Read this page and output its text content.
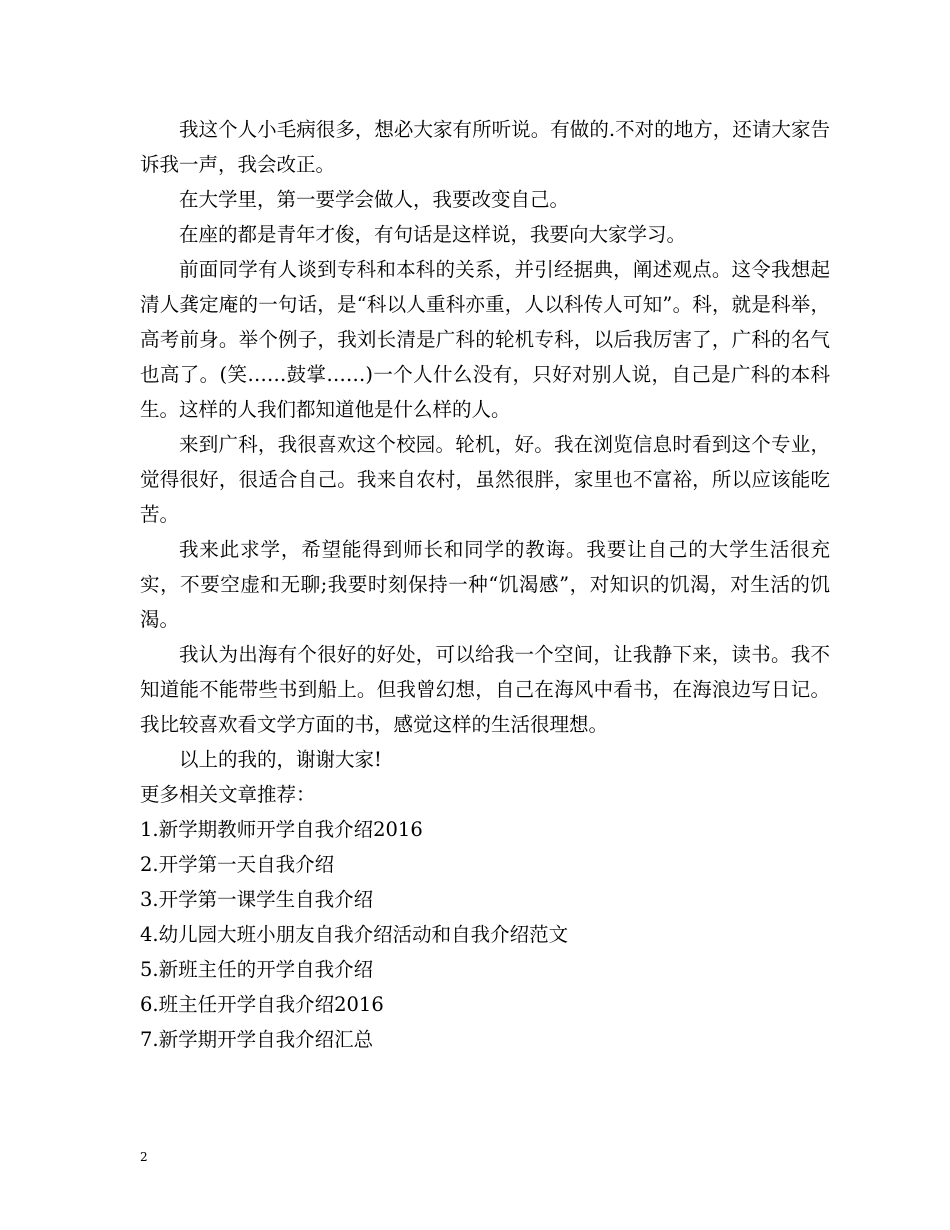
我这个人小毛病很多，想必大家有所听说。有做的.不对的地方，还请大家告诉我一声，我会改正。

在大学里，第一要学会做人，我要改变自己。

在座的都是青年才俊，有句话是这样说，我要向大家学习。

前面同学有人谈到专科和本科的关系，并引经据典，阐述观点。这令我想起清人龚定庵的一句话，是“科以人重科亦重，人以科传人可知”。科，就是科举，高考前身。举个例子，我刘长清是广科的轮机专科，以后我厉害了，广科的名气也高了。(笑……鼓掌……)一个人什么没有，只好对别人说，自己是广科的本科生。这样的人我们都知道他是什么样的人。

来到广科，我很喜欢这个校园。轮机，好。我在浏览信息时看到这个专业，觉得很好，很适合自己。我来自农村，虽然很胖，家里也不富裕，所以应该能吃苦。

我来此求学，希望能得到师长和同学的教诲。我要让自己的大学生活很充实，不要空虚和无聊;我要时刻保持一种“饥渴感”，对知识的饥渴，对生活的饥渴。

我认为出海有个很好的好处，可以给我一个空间，让我静下来，读书。我不知道能不能带些书到船上。但我曾幻想，自己在海风中看书，在海浪边写日记。我比较喜欢看文学方面的书，感觉这样的生活很理想。

以上的我的，谢谢大家!

更多相关文章推荐：

1.新学期教师开学自我介绍2016
2.开学第一天自我介绍
3.开学第一课学生自我介绍
4.幼儿园大班小朋友自我介绍活动和自我介绍范文
5.新班主任的开学自我介绍
6.班主任开学自我介绍2016
7.新学期开学自我介绍汇总
2
